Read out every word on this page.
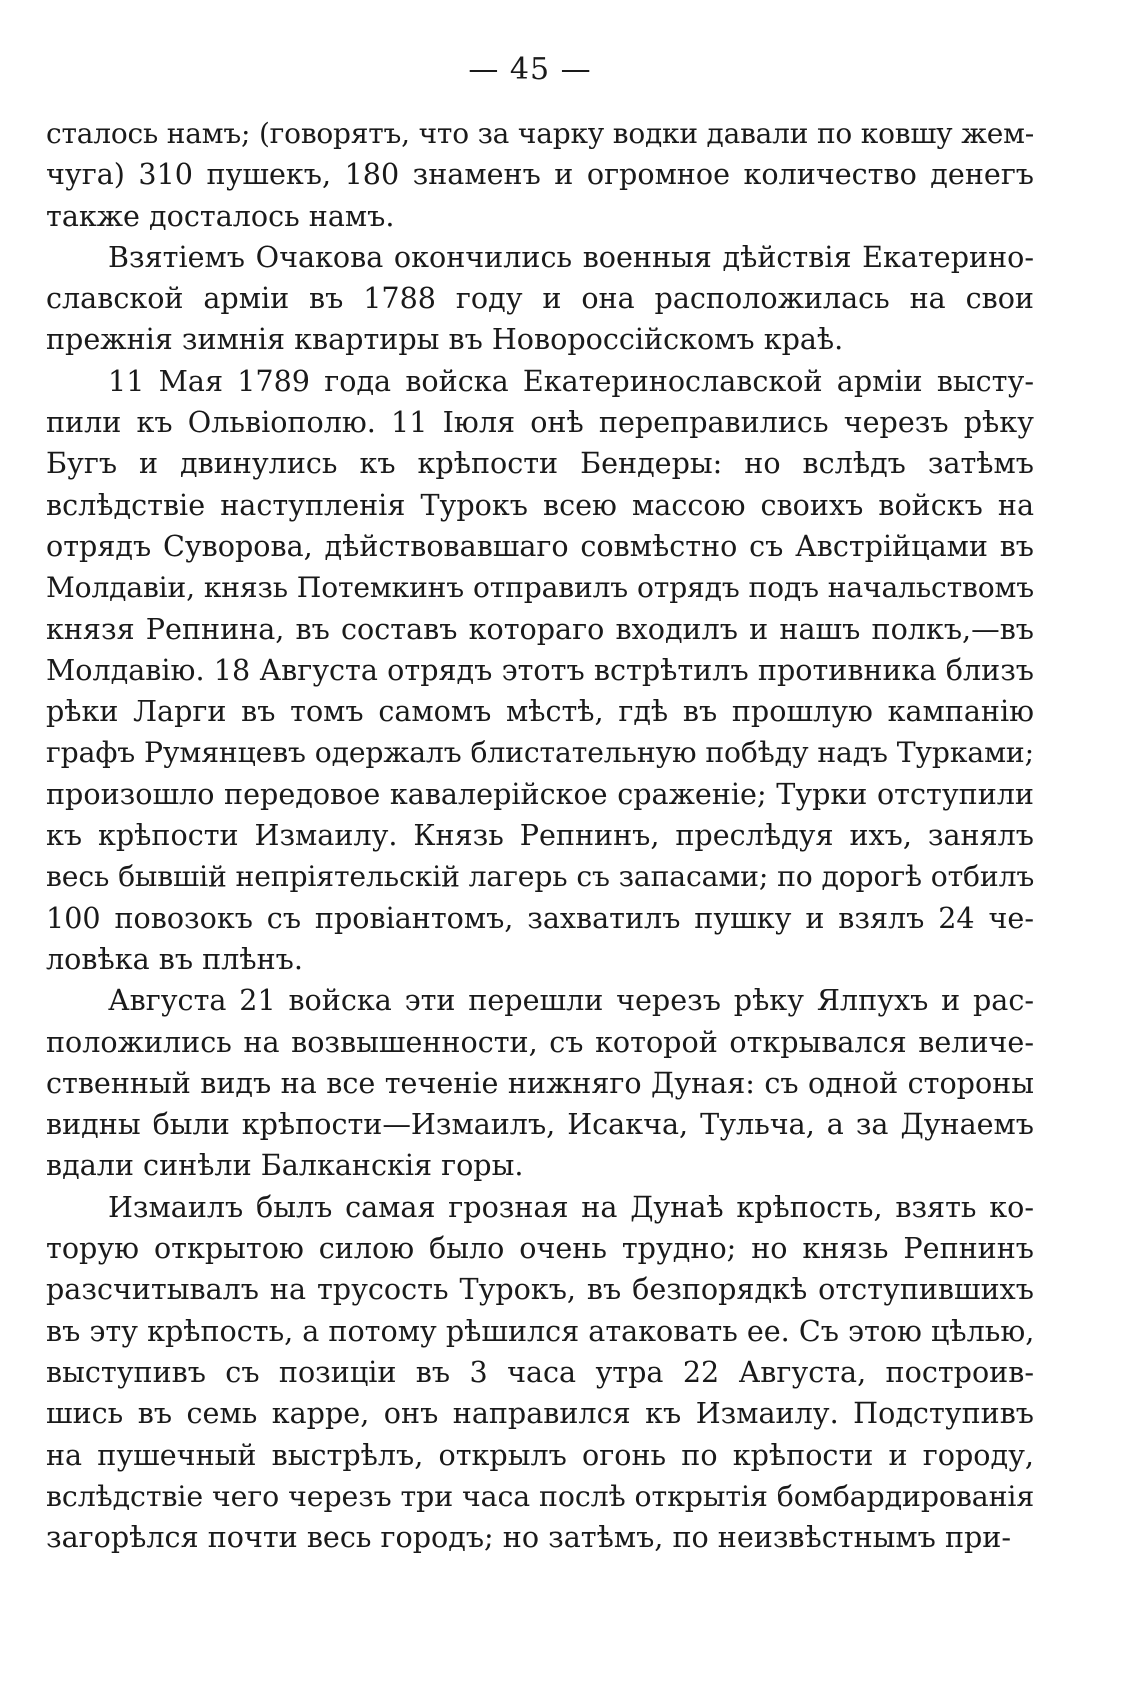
— 45 —
сталось намъ; (говорятъ, что за чарку водки давали по ковшу жем-
чуга) 310 пушекъ, 180 знаменъ и огромное количество денегъ
также досталось намъ.
Взятіемъ Очакова окончились военныя дѣйствія Екатерино-
славской арміи въ 1788 году и она расположилась на свои
прежнія зимнія квартиры въ Новороссійскомъ краѣ.
11 Мая 1789 года войска Екатеринославской арміи высту-
пили къ Ольвіополю. 11 Іюля онѣ переправились черезъ рѣку
Бугъ и двинулись къ крѣпости Бендеры: но вслѣдъ затѣмъ
вслѣдствіе наступленія Турокъ всею массою своихъ войскъ на
отрядъ Суворова, дѣйствовавшаго совмѣстно съ Австрійцами въ
Молдавіи, князь Потемкинъ отправилъ отрядъ подъ начальствомъ
князя Репнина, въ составъ котораго входилъ и нашъ полкъ,—въ
Молдавію. 18 Августа отрядъ этотъ встрѣтилъ противника близъ
рѣки Ларги въ томъ самомъ мѣстѣ, гдѣ въ прошлую кампанію
графъ Румянцевъ одержалъ блистательную побѣду надъ Турками;
произошло передовое кавалерійское сраженіе; Турки отступили
къ крѣпости Измаилу. Князь Репнинъ, преслѣдуя ихъ, занялъ
весь бывшій непріятельскій лагерь съ запасами; по дорогѣ отбилъ
100 повозокъ съ провіантомъ, захватилъ пушку и взялъ 24 че-
ловѣка въ плѣнъ.
Августа 21 войска эти перешли черезъ рѣку Ялпухъ и рас-
положились на возвышенности, съ которой открывался величе-
ственный видъ на все теченіе нижняго Дуная: съ одной стороны
видны были крѣпости—Измаилъ, Исакча, Тульча, а за Дунаемъ
вдали синѣли Балканскія горы.
Измаилъ былъ самая грозная на Дунаѣ крѣпость, взять ко-
торую открытою силою было очень трудно; но князь Репнинъ
разсчитывалъ на трусость Турокъ, въ безпорядкѣ отступившихъ
въ эту крѣпость, а потому рѣшился атаковать ее. Съ этою цѣлью,
выступивъ съ позиціи въ 3 часа утра 22 Августа, построив-
шись въ семь карре, онъ направился къ Измаилу. Подступивъ
на пушечный выстрѣлъ, открылъ огонь по крѣпости и городу,
вслѣдствіе чего черезъ три часа послѣ открытія бомбардированія
загорѣлся почти весь городъ; но затѣмъ, по неизвѣстнымъ при-
